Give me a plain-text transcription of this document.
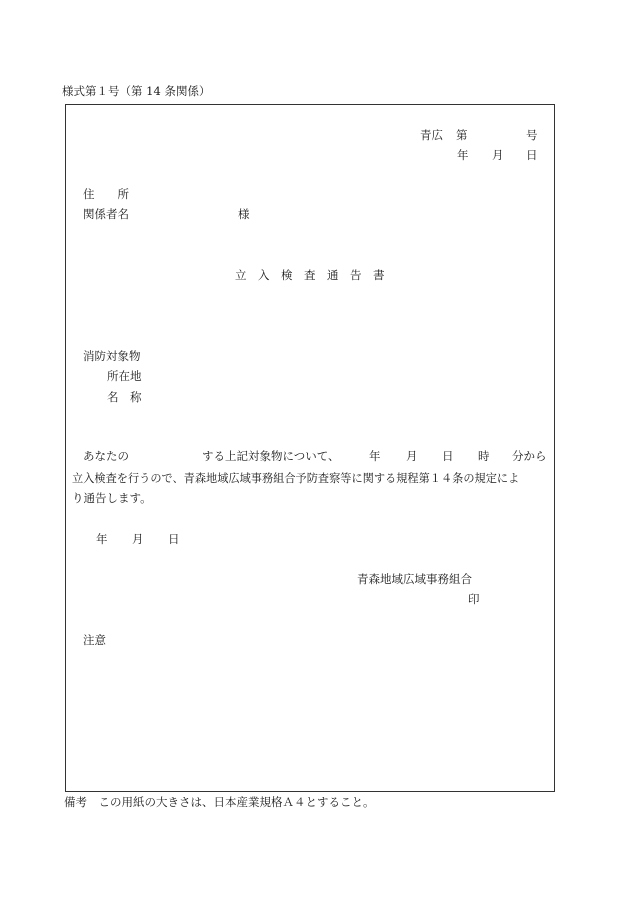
様式第１号（第 14 条関係）
青広 第	号
年 月 日
住　　所
関係者名	様
立　入　検　査　通　告　書
消防対象物
所在地
名　称
あなたの	する上記対象物について、	年 月 日 時 分から
立入検査を行うので、青森地域広域事務組合予防査察等に関する規程第１４条の規定によ
り通告します。
年 月 日
青森地域広域事務組合
印
注意
備考　この用紙の大きさは、日本産業規格Ａ４とすること。
